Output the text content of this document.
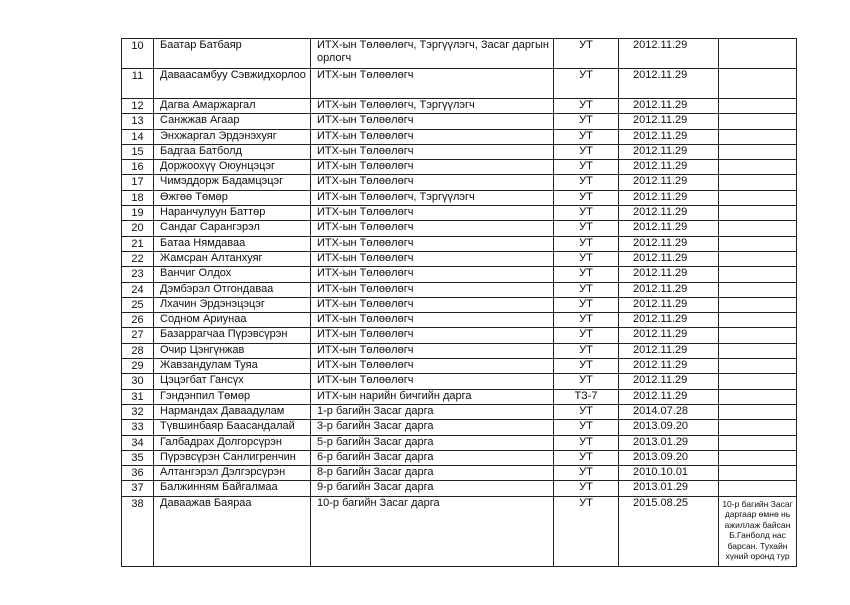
10	Баатар Батбаяр	ИТХ-ын Төлөөлөгч, Тэргүүлэгч, Засаг даргын орлогч	УТ	2012.11.29	
11	Даваасамбуу Сэвжидхорлоо	ИТХ-ын Төлөөлөгч	УТ	2012.11.29	
12	Дагва Амаржаргал	ИТХ-ын Төлөөлөгч, Тэргүүлэгч	УТ	2012.11.29	
13	Санжжав Агаар	ИТХ-ын Төлөөлөгч	УТ	2012.11.29	
14	Энхжаргал Эрдэнэхуяг	ИТХ-ын Төлөөлөгч	УТ	2012.11.29	
15	Бадгаа Батболд	ИТХ-ын Төлөөлөгч	УТ	2012.11.29	
16	Доржоохүү Оюунцэцэг	ИТХ-ын Төлөөлөгч	УТ	2012.11.29	
17	Чимэддорж Бадамцэцэг	ИТХ-ын Төлөөлөгч	УТ	2012.11.29	
18	Өжгөө Төмөр	ИТХ-ын Төлөөлөгч, Тэргүүлэгч	УТ	2012.11.29	
19	Наранчулуун Баттөр	ИТХ-ын Төлөөлөгч	УТ	2012.11.29	
20	Сандаг Сарангэрэл	ИТХ-ын Төлөөлөгч	УТ	2012.11.29	
21	Батаа Нямдаваа	ИТХ-ын Төлөөлөгч	УТ	2012.11.29	
22	Жамсран Алтанхуяг	ИТХ-ын Төлөөлөгч	УТ	2012.11.29	
23	Ванчиг Олдох	ИТХ-ын Төлөөлөгч	УТ	2012.11.29	
24	Дэмбэрэл Отгондаваа	ИТХ-ын Төлөөлөгч	УТ	2012.11.29	
25	Лхачин Эрдэнэцэцэг	ИТХ-ын Төлөөлөгч	УТ	2012.11.29	
26	Содном Ариунаа	ИТХ-ын Төлөөлөгч	УТ	2012.11.29	
27	Базаррагчаа Пүрэвсүрэн	ИТХ-ын Төлөөлөгч	УТ	2012.11.29	
28	Очир Цэнгүнжав	ИТХ-ын Төлөөлөгч	УТ	2012.11.29	
29	Жавзандулам Туяа	ИТХ-ын Төлөөлөгч	УТ	2012.11.29	
30	Цэцэгбат Гансүх	ИТХ-ын Төлөөлөгч	УТ	2012.11.29	
31	Гэндэнпил Төмөр	ИТХ-ын нарийн бичгийн дарга	ТЗ-7	2012.11.29	
32	Нармандах Даваадулам	1-р багийн Засаг дарга	УТ	2014.07.28	
33	Түвшинбаяр Баасандалай	3-р багийн Засаг дарга	УТ	2013.09.20	
34	Галбадрах Долгорсүрэн	5-р багийн Засаг дарга	УТ	2013.01.29	
35	Пүрэвсүрэн Санлигренчин	6-р багийн Засаг дарга	УТ	2013.09.20	
36	Алтангэрэл Дэлгэрсүрэн	8-р багийн Засаг дарга	УТ	2010.10.01	
37	Балжинням Байгалмаа	9-р багийн Засаг дарга	УТ	2013.01.29	
38	Даваажав Баяраа	10-р багийн Засаг дарга	УТ	2015.08.25	10-р багийн Засаг даргаар өмнө нь ажиллаж байсан Б.Ганболд нас барсан. Тухайн хүний оронд тур
